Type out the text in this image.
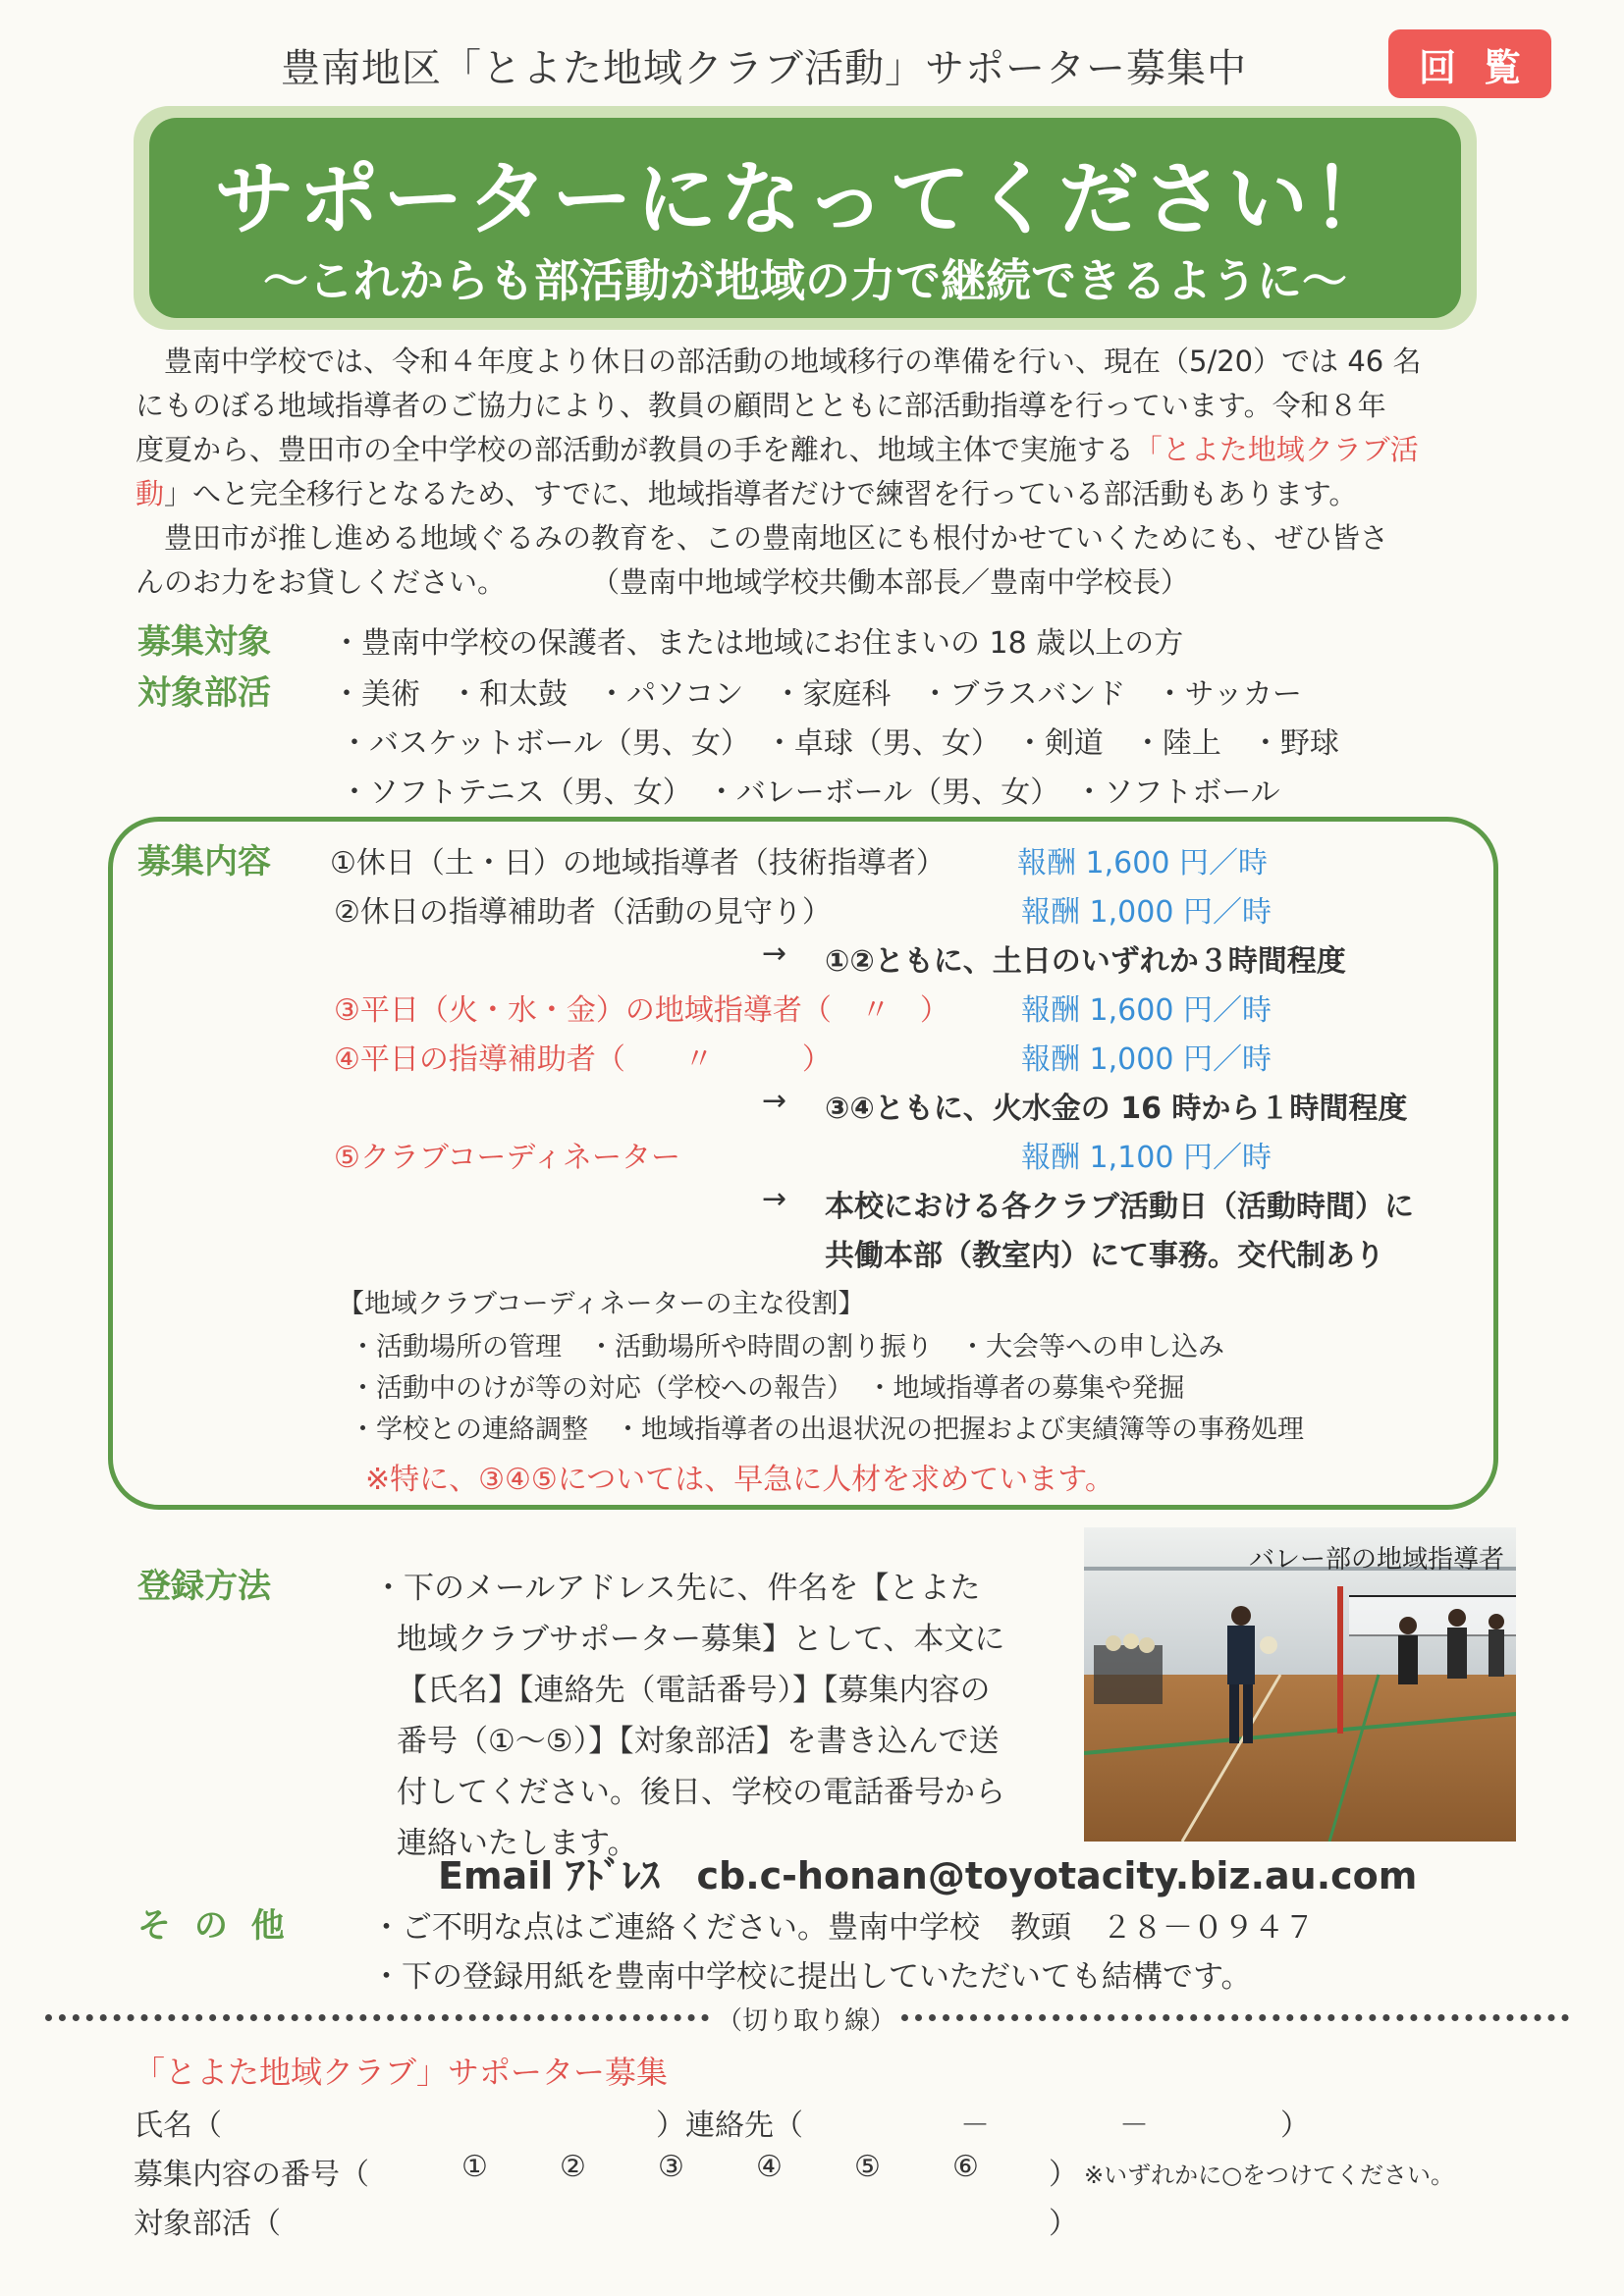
豊南地区「とよた地域クラブ活動」サポーター募集中	回覧
サポーターになってください！
～これからも部活動が地域の力で継続できるように～

　豊南中学校では、令和４年度より休日の部活動の地域移行の準備を行い、現在（5/20）では 46 名

にものぼる地域指導者のご協力により、教員の顧問とともに部活動指導を行っています。令和８年

度夏から、豊田市の全中学校の部活動が教員の手を離れ、地域主体で実施する「とよた地域クラブ活

動」へと完全移行となるため、すでに、地域指導者だけで練習を行っている部活動もあります。

　豊田市が推し進める地域ぐるみの教育を、この豊南地区にも根付かせていくためにも、ぜひ皆さ

んのお力をお貸しください。　　　　（豊南中地域学校共働本部長／豊南中学校長）

募集対象 ・豊南中学校の保護者、または地域にお住まいの 18 歳以上の方
対象部活 ・美術　・和太鼓　・パソコン　・家庭科　・ブラスバンド　・サッカー
・バスケットボール（男、女）　・卓球（男、女）　・剣道　・陸上　・野球
・ソフトテニス（男、女）　・バレーボール（男、女）　・ソフトボール
募集内容 ①休日（土・日）の地域指導者（技術指導者） 報酬 1,600 円／時
②休日の指導補助者（活動の見守り）	報酬 1,000 円／時
→ ①②ともに、土日のいずれか３時間程度
③平日（火・水・金）の地域指導者（　〃　） 報酬 1,600 円／時
④平日の指導補助者（　　〃　　　）	報酬 1,000 円／時
→ ③④ともに、火水金の 16 時から１時間程度
⑤クラブコーディネーター	報酬 1,100 円／時
→ 本校における各クラブ活動日（活動時間）に
共働本部（教室内）にて事務。交代制あり
【地域クラブコーディネーターの主な役割】
・活動場所の管理　・活動場所や時間の割り振り　・大会等への申し込み
・活動中のけが等の対応（学校への報告）　・地域指導者の募集や発掘
・学校との連絡調整　・地域指導者の出退状況の把握および実績簿等の事務処理
※特に、③④⑤については、早急に人材を求めています。
登録方法	・下のメールアドレス先に、件名を【とよた
地域クラブサポーター募集】として、本文に
【氏名】【連絡先（電話番号）】【募集内容の
番号（①～⑤）】【対象部活】を書き込んで送
付してください。後日、学校の電話番号から
連絡いたします。
バレー部の地域指導者
Email ｱﾄﾞﾚｽ　cb.c-honan@toyotacity.biz.au.com
そ の 他	・ご不明な点はご連絡ください。豊南中学校　教頭　２８－０９４７
・下の登録用紙を豊南中学校に提出していただいても結構です。
（切り取り線）
「とよた地域クラブ」サポーター募集
氏名（	）連絡先（	－	－	）
募集内容の番号（	① ② ③ ④ ⑤ ⑥ ） ※いずれかに○をつけてください。
対象部活（	）
